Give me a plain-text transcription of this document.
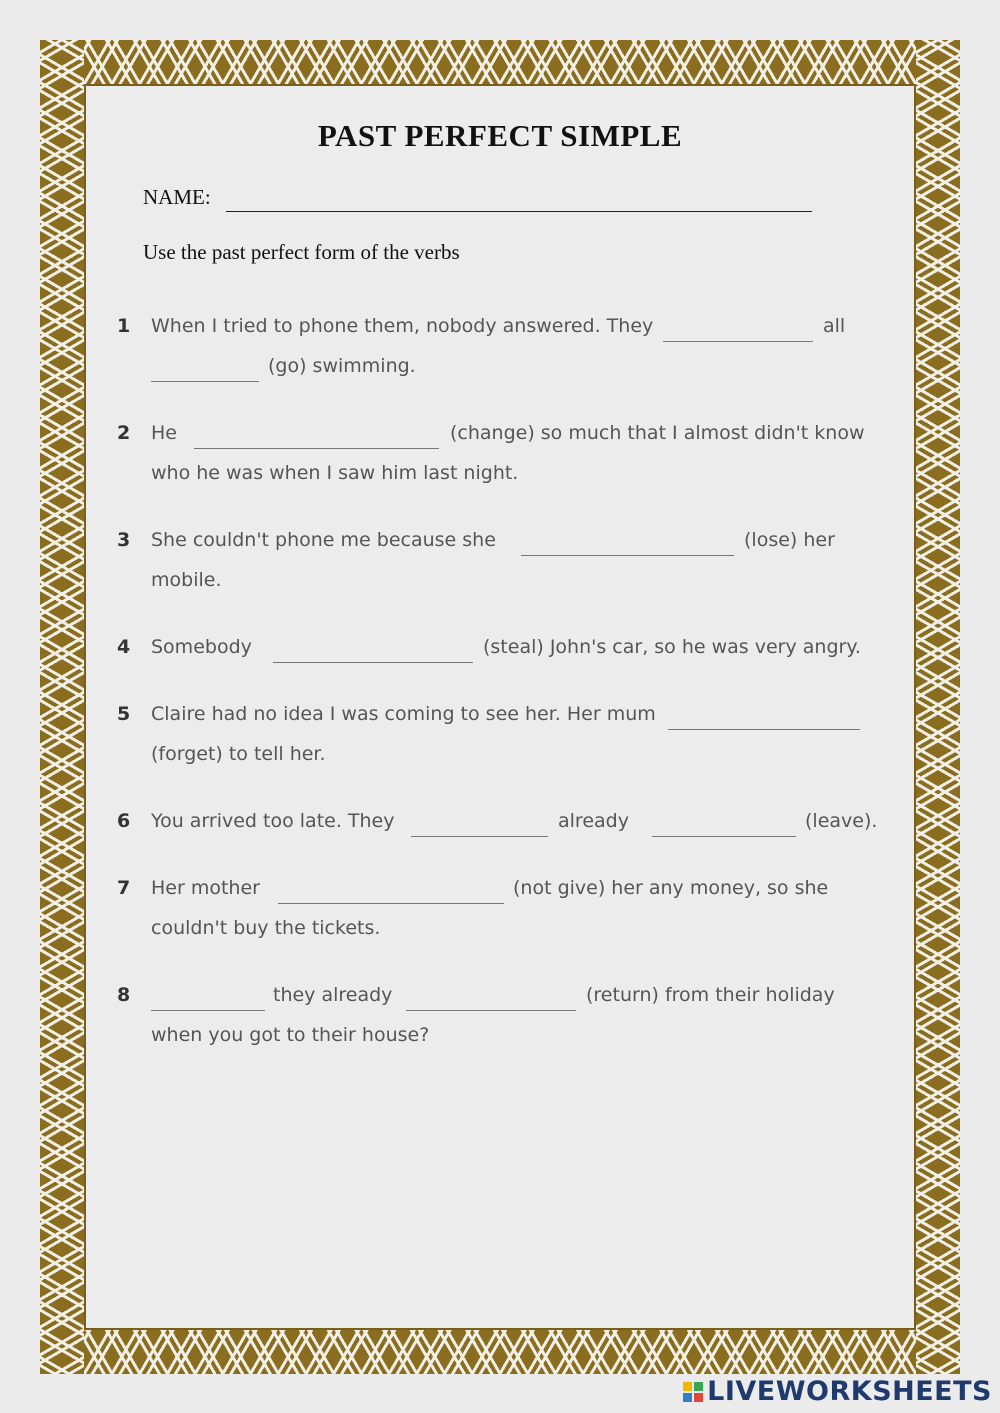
PAST PERFECT SIMPLE
NAME:
Use the past perfect form of the verbs
1 When I tried to phone them, nobody answered. They	all
(go) swimming.
2 He	(change) so much that I almost didn't know
who he was when I saw him last night.
3 She couldn't phone me because she	(lose) her
mobile.
4 Somebody	(steal) John's car, so he was very angry.
5 Claire had no idea I was coming to see her. Her mum
(forget) to tell her.
6 You arrived too late. They	already	(leave).
7 Her mother	(not give) her any money, so she
couldn't buy the tickets.
8	they already	(return) from their holiday
when you got to their house?
LIVEWORKSHEETS
